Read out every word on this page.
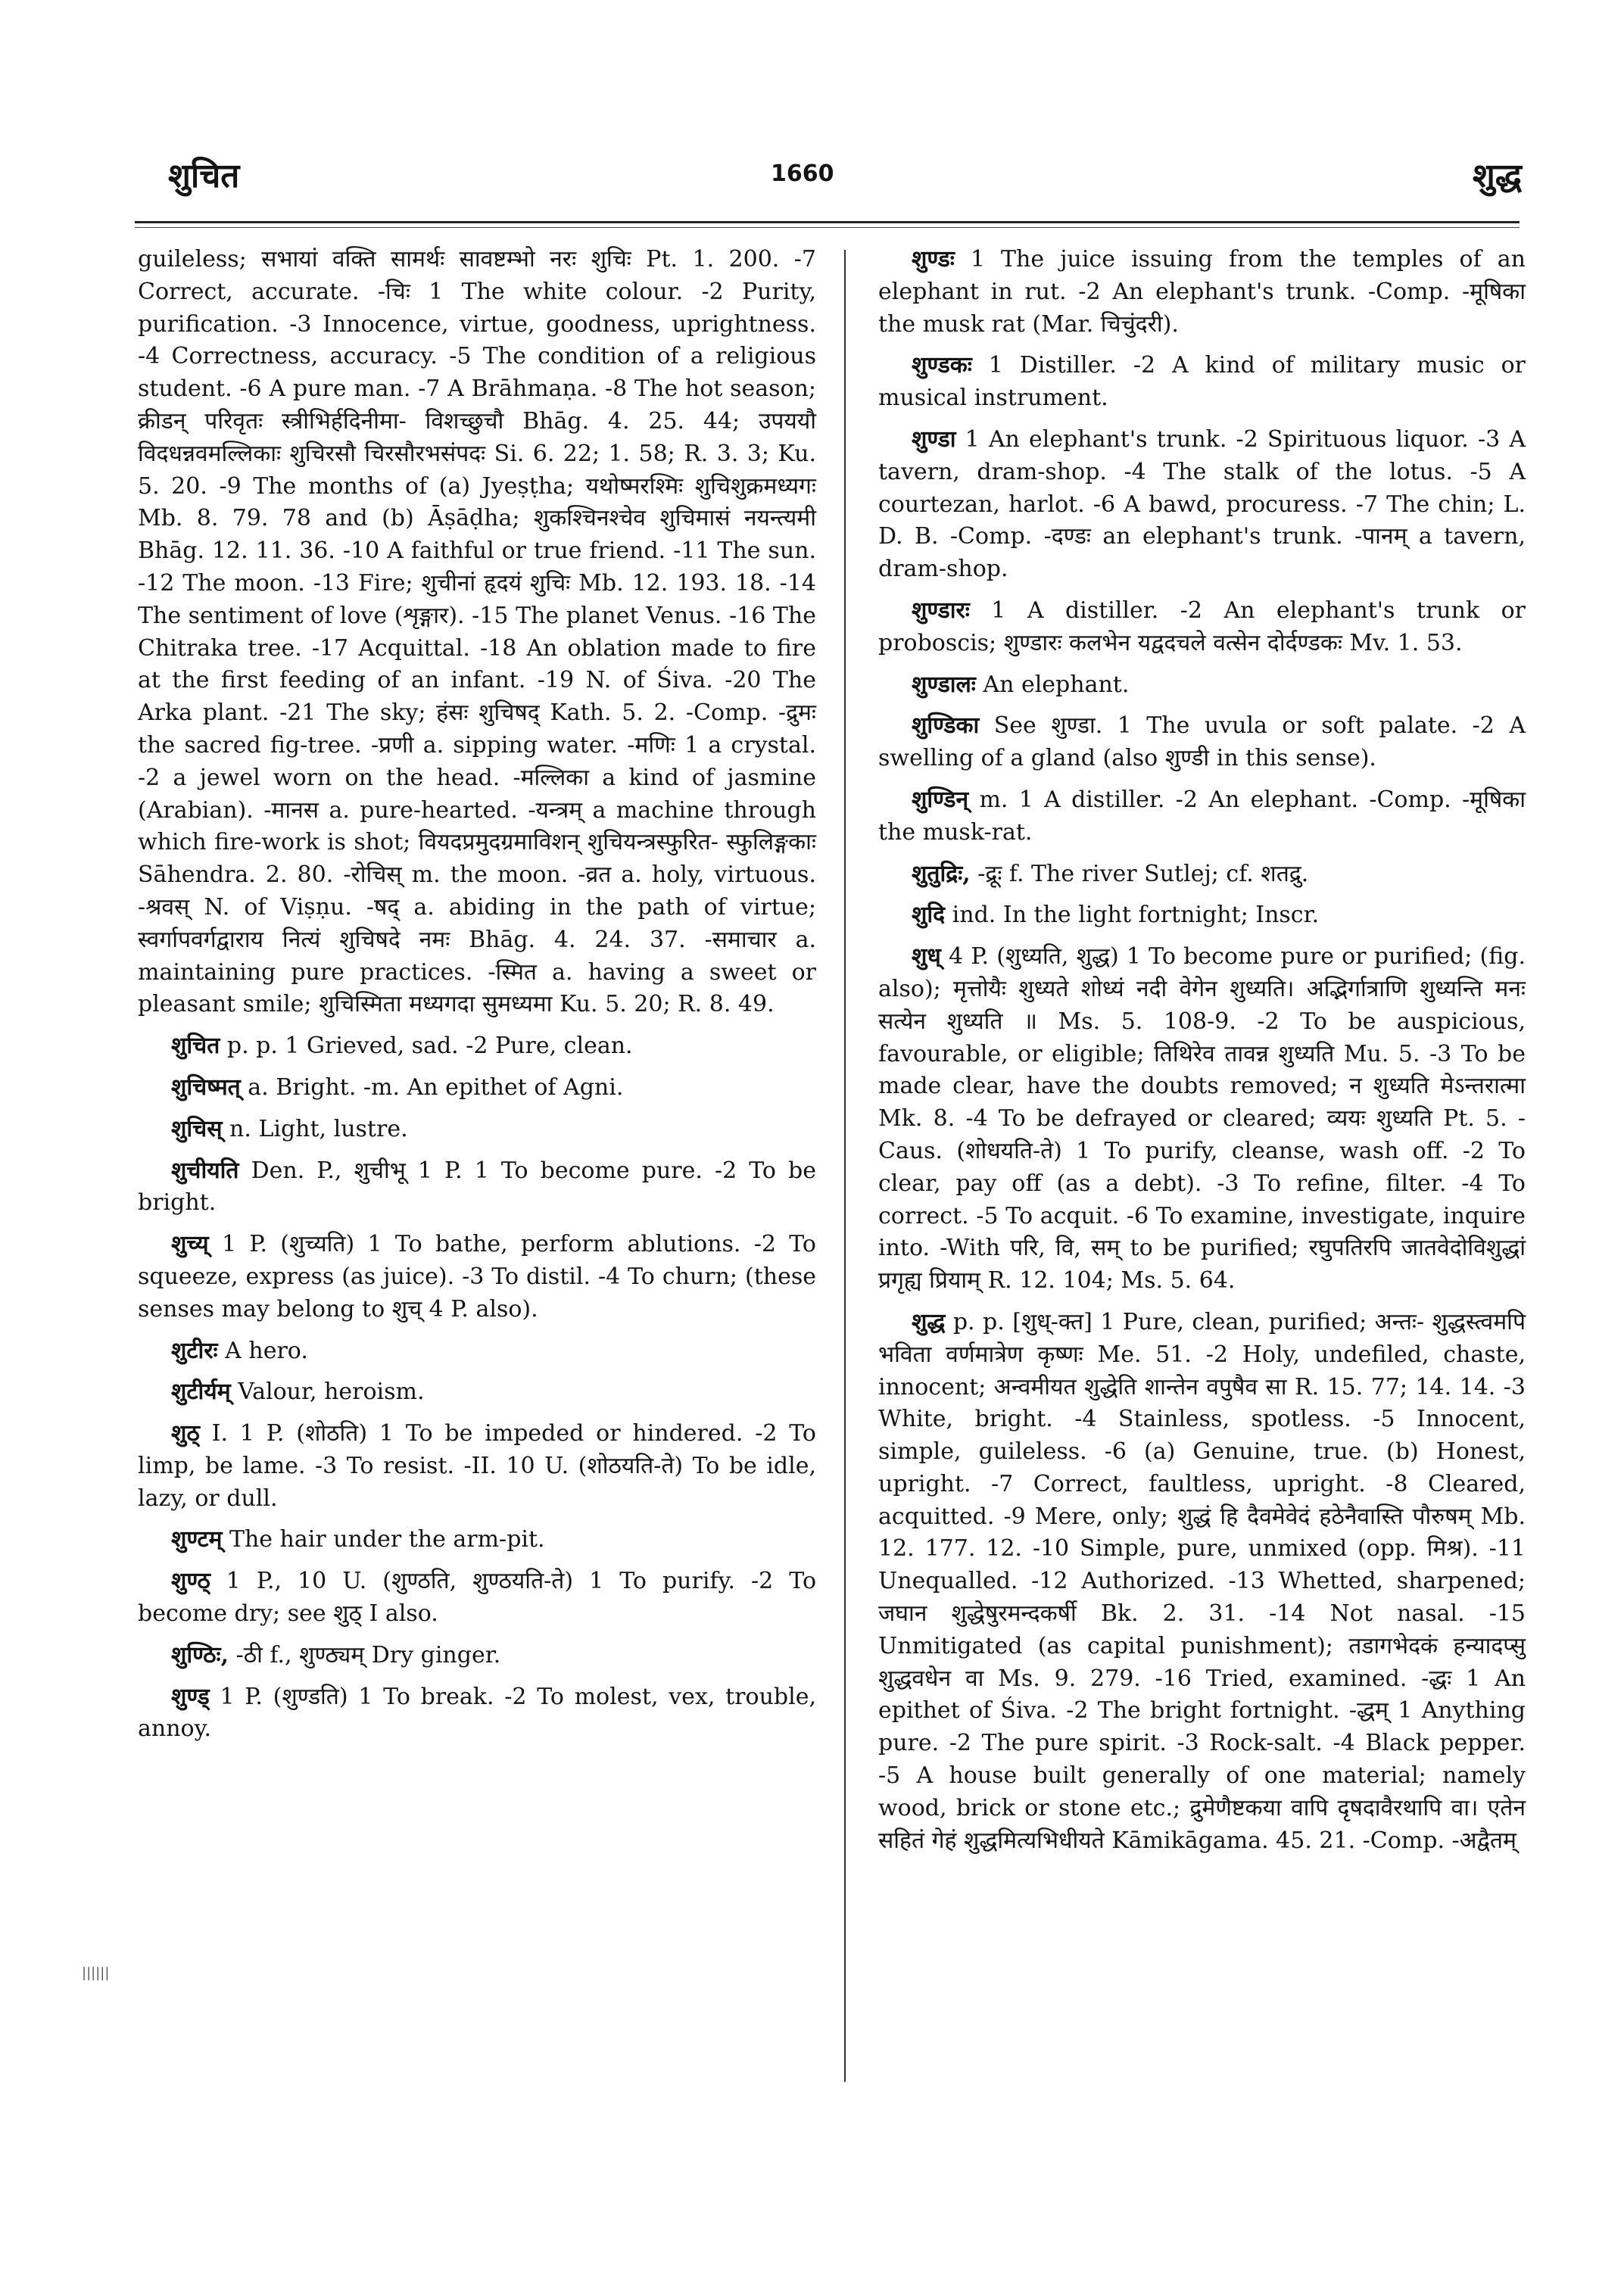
शुचित	1660	शुद्ध

guileless; सभायां वक्ति सामर्थः सावष्टम्भो नरः शुचिः Pt. 1. 200. -7 Correct, accurate. -चिः 1 The white colour. -2 Purity, purification. -3 Innocence, virtue, goodness, uprightness. -4 Correctness, accuracy. -5 The condition of a religious student. -6 A pure man. -7 A Brāhmaṇa. -8 The hot season; क्रीडन् परिवृतः स्त्रीभिर्हदिनीमा- विशच्छुचौ Bhāg. 4. 25. 44; उपययौ विदधन्नवमल्लिकाः शुचिरसौ चिरसौरभसंपदः Si. 6. 22; 1. 58; R. 3. 3; Ku. 5. 20. -9 The months of (a) Jyeṣṭha; यथोष्मरश्मिः शुचिशुक्रमध्यगः Mb. 8. 79. 78 and (b) Āṣāḍha; शुकश्चिनश्चेव शुचिमासं नयन्त्यमी Bhāg. 12. 11. 36. -10 A faithful or true friend. -11 The sun. -12 The moon. -13 Fire; शुचीनां हृदयं शुचिः Mb. 12. 193. 18. -14 The sentiment of love (शृङ्गार). -15 The planet Venus. -16 The Chitraka tree. -17 Acquittal. -18 An oblation made to fire at the first feeding of an infant. -19 N. of Śiva. -20 The Arka plant. -21 The sky; हंसः शुचिषद् Kath. 5. 2. -Comp. -द्रुमः the sacred fig-tree. -प्रणी a. sipping water. -मणिः 1 a crystal. -2 a jewel worn on the head. -मल्लिका a kind of jasmine (Arabian). -मानस a. pure-hearted. -यन्त्रम् a machine through which fire-work is shot; वियदप्रमुदग्रमाविशन् शुचियन्त्रस्फुरित- स्फुलिङ्गकाः Sāhendra. 2. 80. -रोचिस् m. the moon. -व्रत a. holy, virtuous. -श्रवस् N. of Viṣṇu. -षद् a. abiding in the path of virtue; स्वर्गापवर्गद्वाराय नित्यं शुचिषदे नमः Bhāg. 4. 24. 37. -समाचार a. maintaining pure practices. -स्मित a. having a sweet or pleasant smile; शुचिस्मिता मध्यगदा सुमध्यमा Ku. 5. 20; R. 8. 49.

शुचित p. p. 1 Grieved, sad. -2 Pure, clean.

शुचिष्मत् a. Bright. -m. An epithet of Agni.

शुचिस् n. Light, lustre.

शुचीयति Den. P., शुचीभू 1 P. 1 To become pure. -2 To be bright.

शुच्य् 1 P. (शुच्यति) 1 To bathe, perform ablutions. -2 To squeeze, express (as juice). -3 To distil. -4 To churn; (these senses may belong to शुच् 4 P. also).

शुटीरः A hero.

शुटीर्यम् Valour, heroism.

शुठ् I. 1 P. (शोठति) 1 To be impeded or hindered. -2 To limp, be lame. -3 To resist. -II. 10 U. (शोठयति-ते) To be idle, lazy, or dull.

शुण्टम् The hair under the arm-pit.

शुण्ठ् 1 P., 10 U. (शुण्ठति, शुण्ठयति-ते) 1 To purify. -2 To become dry; see शुठ् I also.

शुण्ठिः, -ठी f., शुण्ठ्यम् Dry ginger.

शुण्ड् 1 P. (शुण्डति) 1 To break. -2 To molest, vex, trouble, annoy.

शुण्डः 1 The juice issuing from the temples of an elephant in rut. -2 An elephant's trunk. -Comp. -मूषिका the musk rat (Mar. चिचुंदरी).

शुण्डकः 1 Distiller. -2 A kind of military music or musical instrument.

शुण्डा 1 An elephant's trunk. -2 Spirituous liquor. -3 A tavern, dram-shop. -4 The stalk of the lotus. -5 A courtezan, harlot. -6 A bawd, procuress. -7 The chin; L. D. B. -Comp. -दण्डः an elephant's trunk. -पानम् a tavern, dram-shop.

शुण्डारः 1 A distiller. -2 An elephant's trunk or proboscis; शुण्डारः कलभेन यद्वदचले वत्सेन दोर्दण्डकः Mv. 1. 53.

शुण्डालः An elephant.

शुण्डिका See शुण्डा. 1 The uvula or soft palate. -2 A swelling of a gland (also शुण्डी in this sense).

शुण्डिन् m. 1 A distiller. -2 An elephant. -Comp. -मूषिका the musk-rat.

शुतुद्रिः, -द्रूः f. The river Sutlej; cf. शतद्रु.

शुदि ind. In the light fortnight; Inscr.

शुध् 4 P. (शुध्यति, शुद्ध) 1 To become pure or purified; (fig. also); मृत्तोयैः शुध्यते शोध्यं नदी वेगेन शुध्यति। अद्भिर्गात्राणि शुध्यन्ति मनः सत्येन शुध्यति ॥ Ms. 5. 108-9. -2 To be auspicious, favourable, or eligible; तिथिरेव तावन्न शुध्यति Mu. 5. -3 To be made clear, have the doubts removed; न शुध्यति मेऽन्तरात्मा Mk. 8. -4 To be defrayed or cleared; व्ययः शुध्यति Pt. 5. -Caus. (शोधयति-ते) 1 To purify, cleanse, wash off. -2 To clear, pay off (as a debt). -3 To refine, filter. -4 To correct. -5 To acquit. -6 To examine, investigate, inquire into. -With परि, वि, सम् to be purified; रघुपतिरपि जातवेदोविशुद्धां प्रगृह्य प्रियाम् R. 12. 104; Ms. 5. 64.

शुद्ध p. p. [शुध्-क्त] 1 Pure, clean, purified; अन्तः- शुद्धस्त्वमपि भविता वर्णमात्रेण कृष्णः Me. 51. -2 Holy, undefiled, chaste, innocent; अन्वमीयत शुद्धेति शान्तेन वपुषैव सा R. 15. 77; 14. 14. -3 White, bright. -4 Stainless, spotless. -5 Innocent, simple, guileless. -6 (a) Genuine, true. (b) Honest, upright. -7 Correct, faultless, upright. -8 Cleared, acquitted. -9 Mere, only; शुद्धं हि दैवमेवेदं हठेनैवास्ति पौरुषम् Mb. 12. 177. 12. -10 Simple, pure, unmixed (opp. मिश्र). -11 Unequalled. -12 Authorized. -13 Whetted, sharpened; जघान शुद्धेषुरमन्दकर्षी Bk. 2. 31. -14 Not nasal. -15 Unmitigated (as capital punishment); तडागभेदकं हन्यादप्सु शुद्धवधेन वा Ms. 9. 279. -16 Tried, examined. -द्धः 1 An epithet of Śiva. -2 The bright fortnight. -द्धम् 1 Anything pure. -2 The pure spirit. -3 Rock-salt. -4 Black pepper. -5 A house built generally of one material; namely wood, brick or stone etc.; द्रुमेणैष्टकया वापि दृषदावैरथापि वा। एतेन सहितं गेहं शुद्धमित्यभिधीयते Kāmikāgama. 45. 21. -Comp. -अद्वैतम्

||||||
